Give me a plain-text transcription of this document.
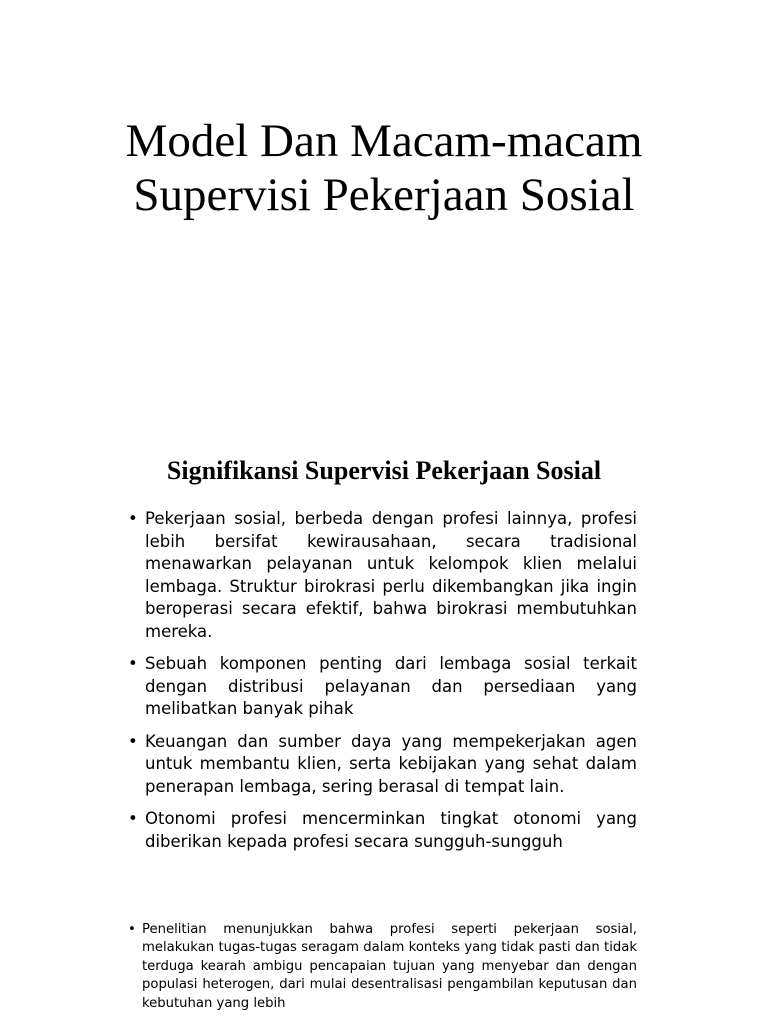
Model Dan Macam-macam
Supervisi Pekerjaan Sosial
Signifikansi Supervisi Pekerjaan Sosial
• Pekerjaan sosial, berbeda dengan profesi lainnya, profesi lebih bersifat kewirausahaan, secara tradisional menawarkan pelayanan untuk kelompok klien melalui lembaga. Struktur birokrasi perlu dikembangkan jika ingin beroperasi secara efektif, bahwa birokrasi membutuhkan mereka.
• Sebuah komponen penting dari lembaga sosial terkait dengan distribusi pelayanan dan persediaan yang melibatkan banyak pihak
• Keuangan dan sumber daya yang mempekerjakan agen untuk membantu klien, serta kebijakan yang sehat dalam penerapan lembaga, sering berasal di tempat lain.
• Otonomi profesi mencerminkan tingkat otonomi yang diberikan kepada profesi secara sungguh-sungguh
• Penelitian menunjukkan bahwa profesi seperti pekerjaan sosial, melakukan tugas-tugas seragam dalam konteks yang tidak pasti dan tidak terduga kearah ambigu pencapaian tujuan yang menyebar dan dengan populasi heterogen, dari mulai desentralisasi pengambilan keputusan dan kebutuhan yang lebih
